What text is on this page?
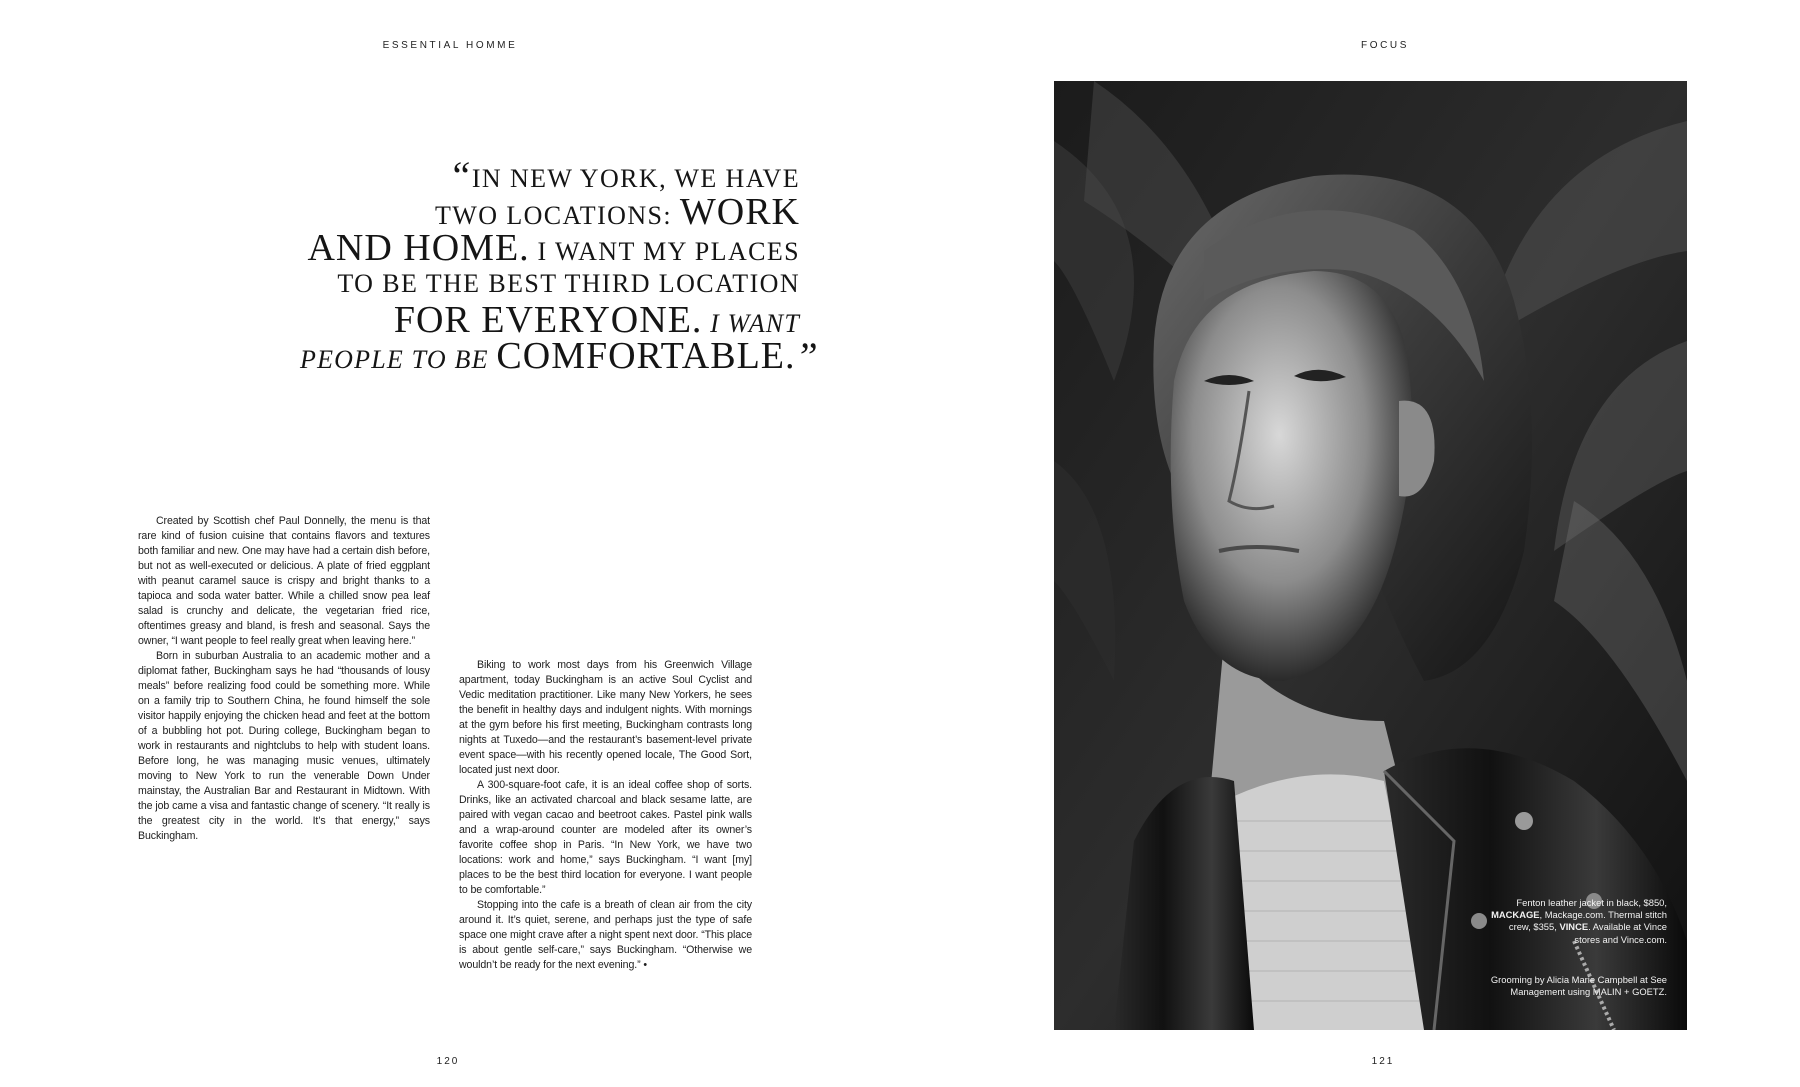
ESSENTIAL HOMME
“IN NEW YORK, WE HAVE
TWO LOCATIONS: WORK
AND HOME. I WANT MY PLACES
TO BE THE BEST THIRD LOCATION
FOR EVERYONE. I WANT
PEOPLE TO BE COMFORTABLE.”

Created by Scottish chef Paul Donnelly, the menu is that rare kind of fusion cuisine that contains flavors and textures both familiar and new. One may have had a certain dish before, but not as well-executed or delicious. A plate of fried eggplant with peanut caramel sauce is crispy and bright thanks to a tapioca and soda water batter. While a chilled snow pea leaf salad is crunchy and delicate, the vegetarian fried rice, oftentimes greasy and bland, is fresh and seasonal. Says the owner, “I want people to feel really great when leaving here.”

Born in suburban Australia to an academic mother and a diplomat father, Buckingham says he had “thousands of lousy meals” before realizing food could be something more. While on a family trip to Southern China, he found himself the sole visitor happily enjoying the chicken head and feet at the bottom of a bubbling hot pot. During college, Buckingham began to work in restaurants and nightclubs to help with student loans. Before long, he was managing music venues, ultimately moving to New York to run the venerable Down Under mainstay, the Australian Bar and Restaurant in Midtown. With the job came a visa and fantastic change of scenery. “It really is the greatest city in the world. It’s that energy,” says Buckingham.

Biking to work most days from his Greenwich Village apartment, today Buckingham is an active Soul Cyclist and Vedic meditation practitioner. Like many New Yorkers, he sees the benefit in healthy days and indulgent nights. With mornings at the gym before his first meeting, Buckingham contrasts long nights at Tuxedo—and the restaurant’s basement-level private event space—with his recently opened locale, The Good Sort, located just next door.

A 300-square-foot cafe, it is an ideal coffee shop of sorts. Drinks, like an activated charcoal and black sesame latte, are paired with vegan cacao and beetroot cakes. Pastel pink walls and a wrap-around counter are modeled after its owner’s favorite coffee shop in Paris. “In New York, we have two locations: work and home,” says Buckingham. “I want [my] places to be the best third location for everyone. I want people to be comfortable.”

Stopping into the cafe is a breath of clean air from the city around it. It’s quiet, serene, and perhaps just the type of safe space one might crave after a night spent next door. “This place is about gentle self-care,” says Buckingham. “Otherwise we wouldn’t be ready for the next evening.” •

120
FOCUS
Fenton leather jacket in black, $850, MACKAGE, Mackage.com. Thermal stitch crew, $355, VINCE. Available at Vince stores and Vince.com.
Grooming by Alicia Marie Campbell at See Management using MALIN + GOETZ.
121
